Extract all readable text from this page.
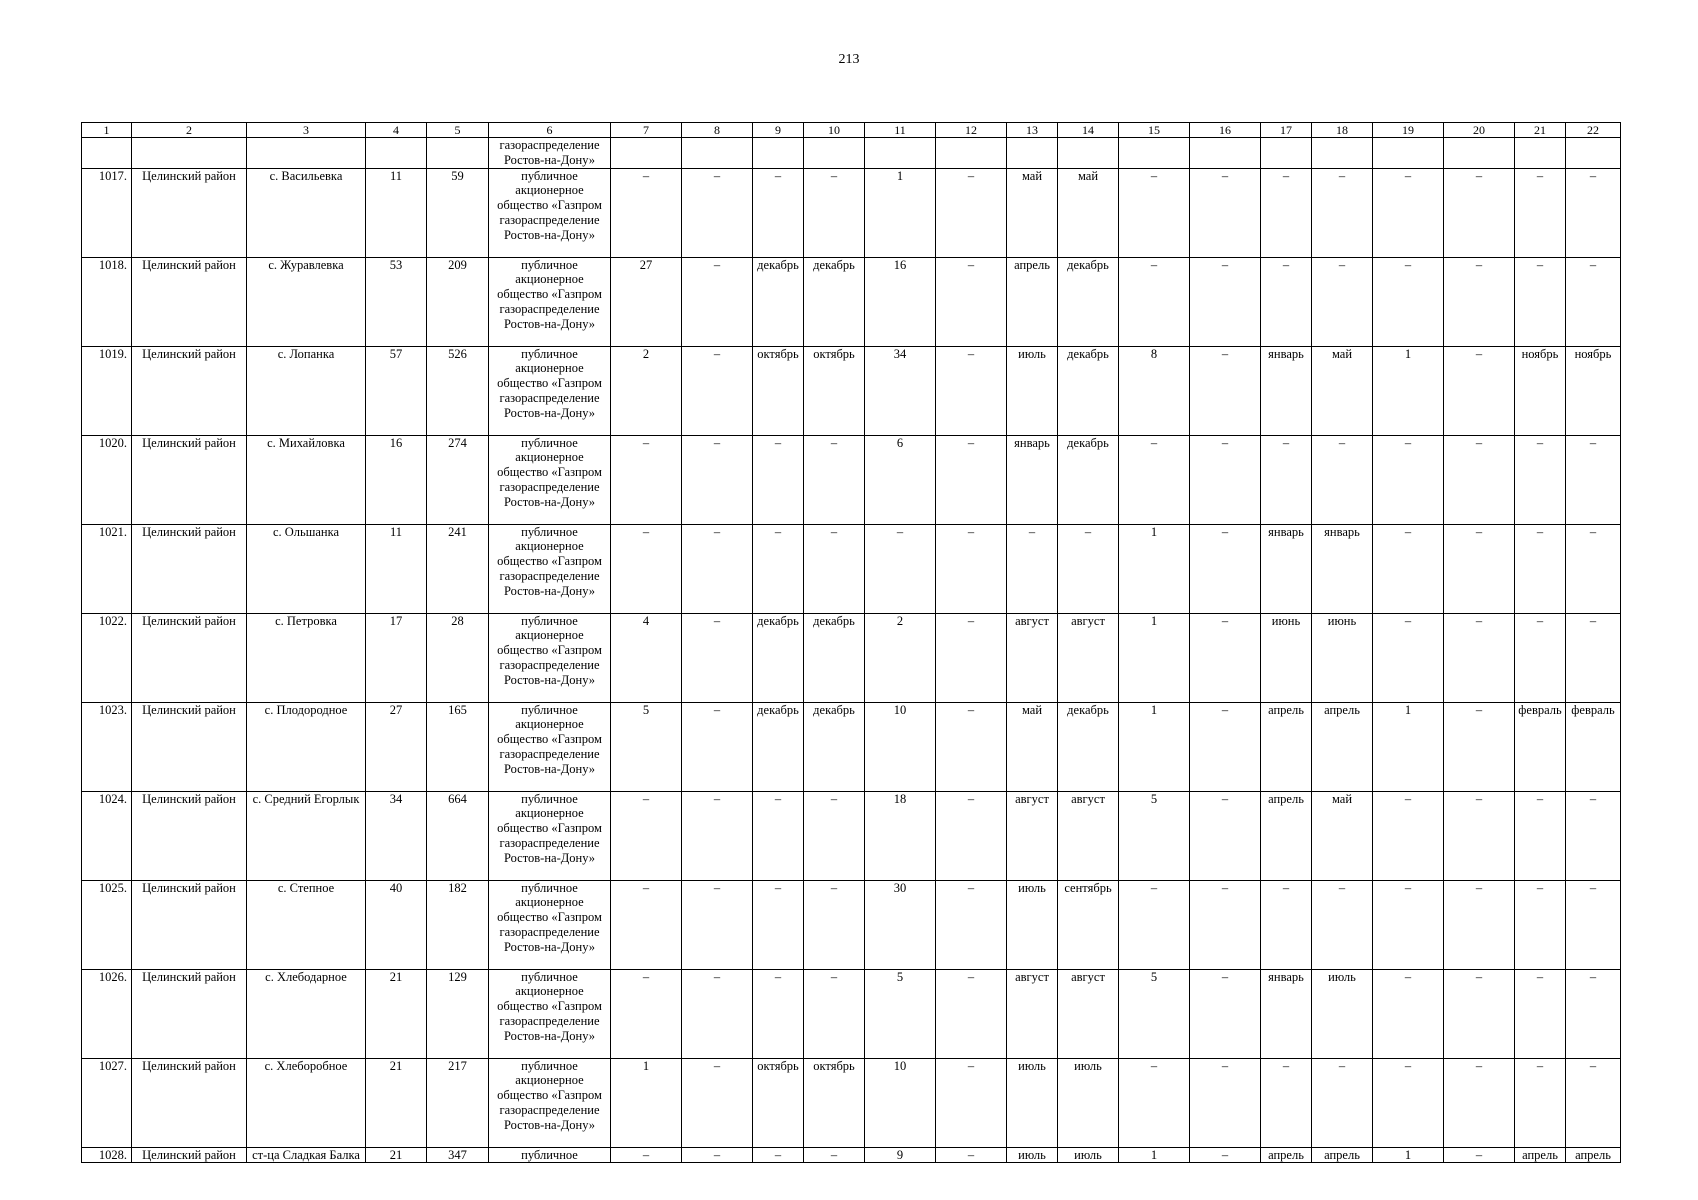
213
1	2	3	4	5	6	7	8	9	10	11	12	13	14	15	16	17	18	19	20	21	22
					газораспределение Ростов-на-Дону»																
1017.	Целинский район	с. Васильевка	11	59	публичное акционерное общество «Газпром газораспределение Ростов-на-Дону»	–	–	–	–	1	–	май	май	–	–	–	–	–	–	–	–
1018.	Целинский район	с. Журавлевка	53	209	публичное акционерное общество «Газпром газораспределение Ростов-на-Дону»	27	–	декабрь	декабрь	16	–	апрель	декабрь	–	–	–	–	–	–	–	–
1019.	Целинский район	с. Лопанка	57	526	публичное акционерное общество «Газпром газораспределение Ростов-на-Дону»	2	–	октябрь	октябрь	34	–	июль	декабрь	8	–	январь	май	1	–	ноябрь	ноябрь
1020.	Целинский район	с. Михайловка	16	274	публичное акционерное общество «Газпром газораспределение Ростов-на-Дону»	–	–	–	–	6	–	январь	декабрь	–	–	–	–	–	–	–	–
1021.	Целинский район	с. Ольшанка	11	241	публичное акционерное общество «Газпром газораспределение Ростов-на-Дону»	–	–	–	–	–	–	–	–	1	–	январь	январь	–	–	–	–
1022.	Целинский район	с. Петровка	17	28	публичное акционерное общество «Газпром газораспределение Ростов-на-Дону»	4	–	декабрь	декабрь	2	–	август	август	1	–	июнь	июнь	–	–	–	–
1023.	Целинский район	с. Плодородное	27	165	публичное акционерное общество «Газпром газораспределение Ростов-на-Дону»	5	–	декабрь	декабрь	10	–	май	декабрь	1	–	апрель	апрель	1	–	февраль	февраль
1024.	Целинский район	с. Средний Егорлык	34	664	публичное акционерное общество «Газпром газораспределение Ростов-на-Дону»	–	–	–	–	18	–	август	август	5	–	апрель	май	–	–	–	–
1025.	Целинский район	с. Степное	40	182	публичное акционерное общество «Газпром газораспределение Ростов-на-Дону»	–	–	–	–	30	–	июль	сентябрь	–	–	–	–	–	–	–	–
1026.	Целинский район	с. Хлебодарное	21	129	публичное акционерное общество «Газпром газораспределение Ростов-на-Дону»	–	–	–	–	5	–	август	август	5	–	январь	июль	–	–	–	–
1027.	Целинский район	с. Хлеборобное	21	217	публичное акционерное общество «Газпром газораспределение Ростов-на-Дону»	1	–	октябрь	октябрь	10	–	июль	июль	–	–	–	–	–	–	–	–
1028.	Целинский район	ст-ца Сладкая Балка	21	347	публичное	–	–	–	–	9	–	июль	июль	1	–	апрель	апрель	1	–	апрель	апрель
